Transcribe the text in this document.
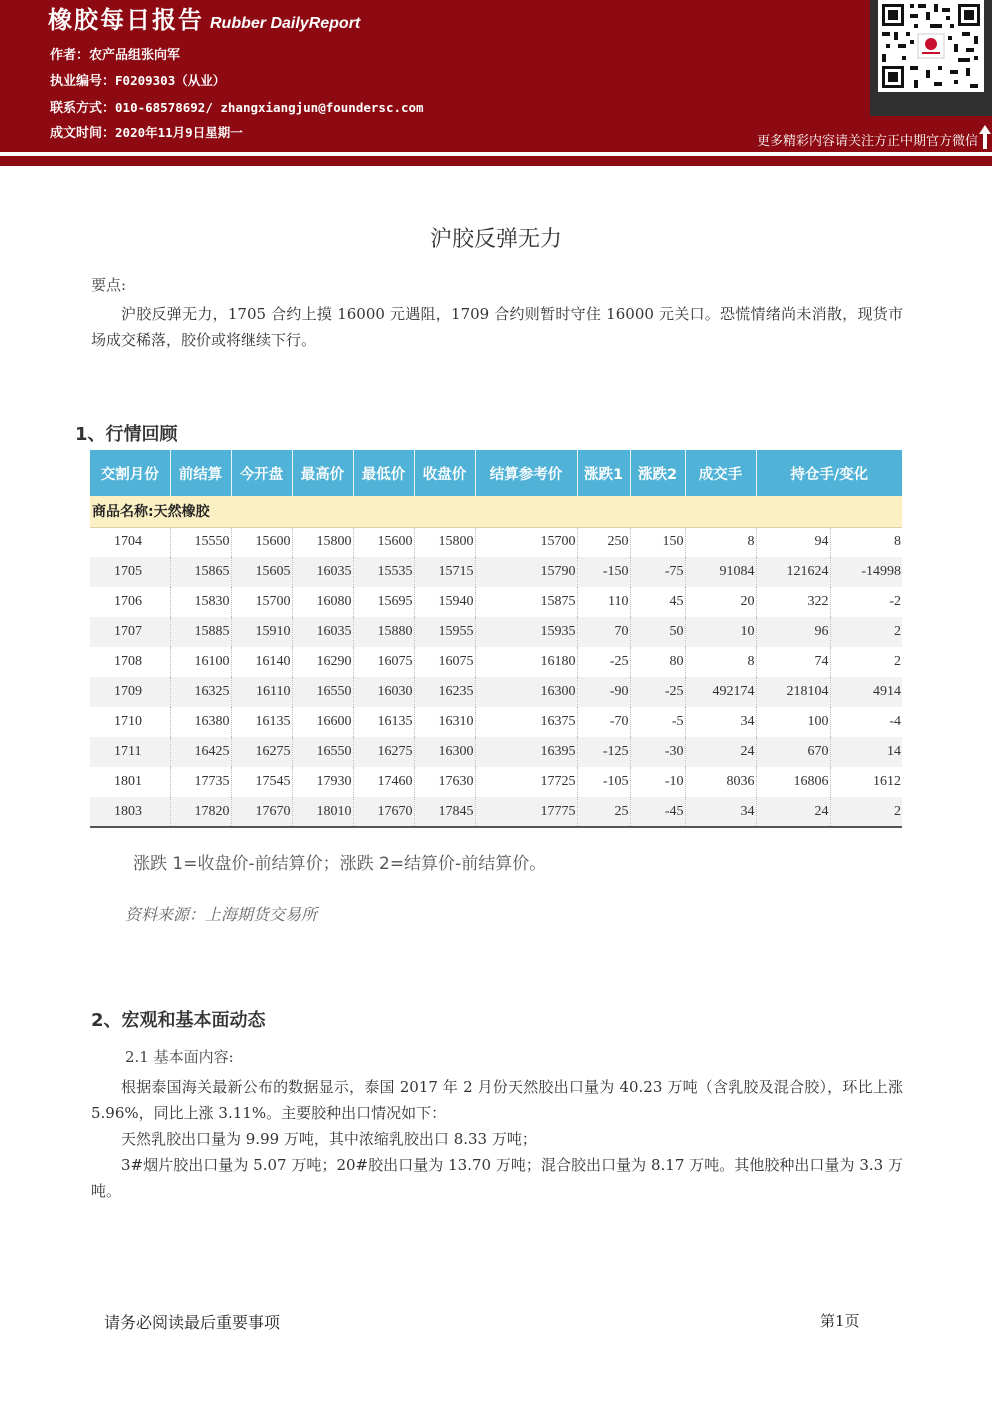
橡胶每日报告 Rubber DailyReport
作者：农产品组张向军
执业编号：F0209303（从业）
联系方式：010-68578692/ zhangxiangjun@foundersc.com
成文时间：2020年11月9日星期一
更多精彩内容请关注方正中期官方微信
沪胶反弹无力
要点:
沪胶反弹无力，1705 合约上摸 16000 元遇阻，1709 合约则暂时守住 16000 元关口。恐慌情绪尚未消散，现货市场成交稀落，胶价或将继续下行。
1、行情回顾
交割月份	前结算	今开盘	最高价	最低价	收盘价	结算参考价	涨跌1	涨跌2	成交手	持仓手/变化	
商品名称:天然橡胶											
1704	15550	15600	15800	15600	15800	15700	250	150	8	94	8
1705	15865	15605	16035	15535	15715	15790	-150	-75	91084	121624	-14998
1706	15830	15700	16080	15695	15940	15875	110	45	20	322	-2
1707	15885	15910	16035	15880	15955	15935	70	50	10	96	2
1708	16100	16140	16290	16075	16075	16180	-25	80	8	74	2
1709	16325	16110	16550	16030	16235	16300	-90	-25	492174	218104	4914
1710	16380	16135	16600	16135	16310	16375	-70	-5	34	100	-4
1711	16425	16275	16550	16275	16300	16395	-125	-30	24	670	14
1801	17735	17545	17930	17460	17630	17725	-105	-10	8036	16806	1612
1803	17820	17670	18010	17670	17845	17775	25	-45	34	24	2
涨跌 1=收盘价-前结算价；涨跌 2=结算价-前结算价。
资料来源：上海期货交易所
2、宏观和基本面动态
2.1 基本面内容:
根据泰国海关最新公布的数据显示，泰国 2017 年 2 月份天然胶出口量为 40.23 万吨（含乳胶及混合胶），环比上涨 5.96%，同比上涨 3.11%。主要胶种出口情况如下：
天然乳胶出口量为 9.99 万吨，其中浓缩乳胶出口 8.33 万吨；
3#烟片胶出口量为 5.07 万吨；20#胶出口量为 13.70 万吨；混合胶出口量为 8.17 万吨。其他胶种出口量为 3.3 万吨。
请务必阅读最后重要事项	第1页
